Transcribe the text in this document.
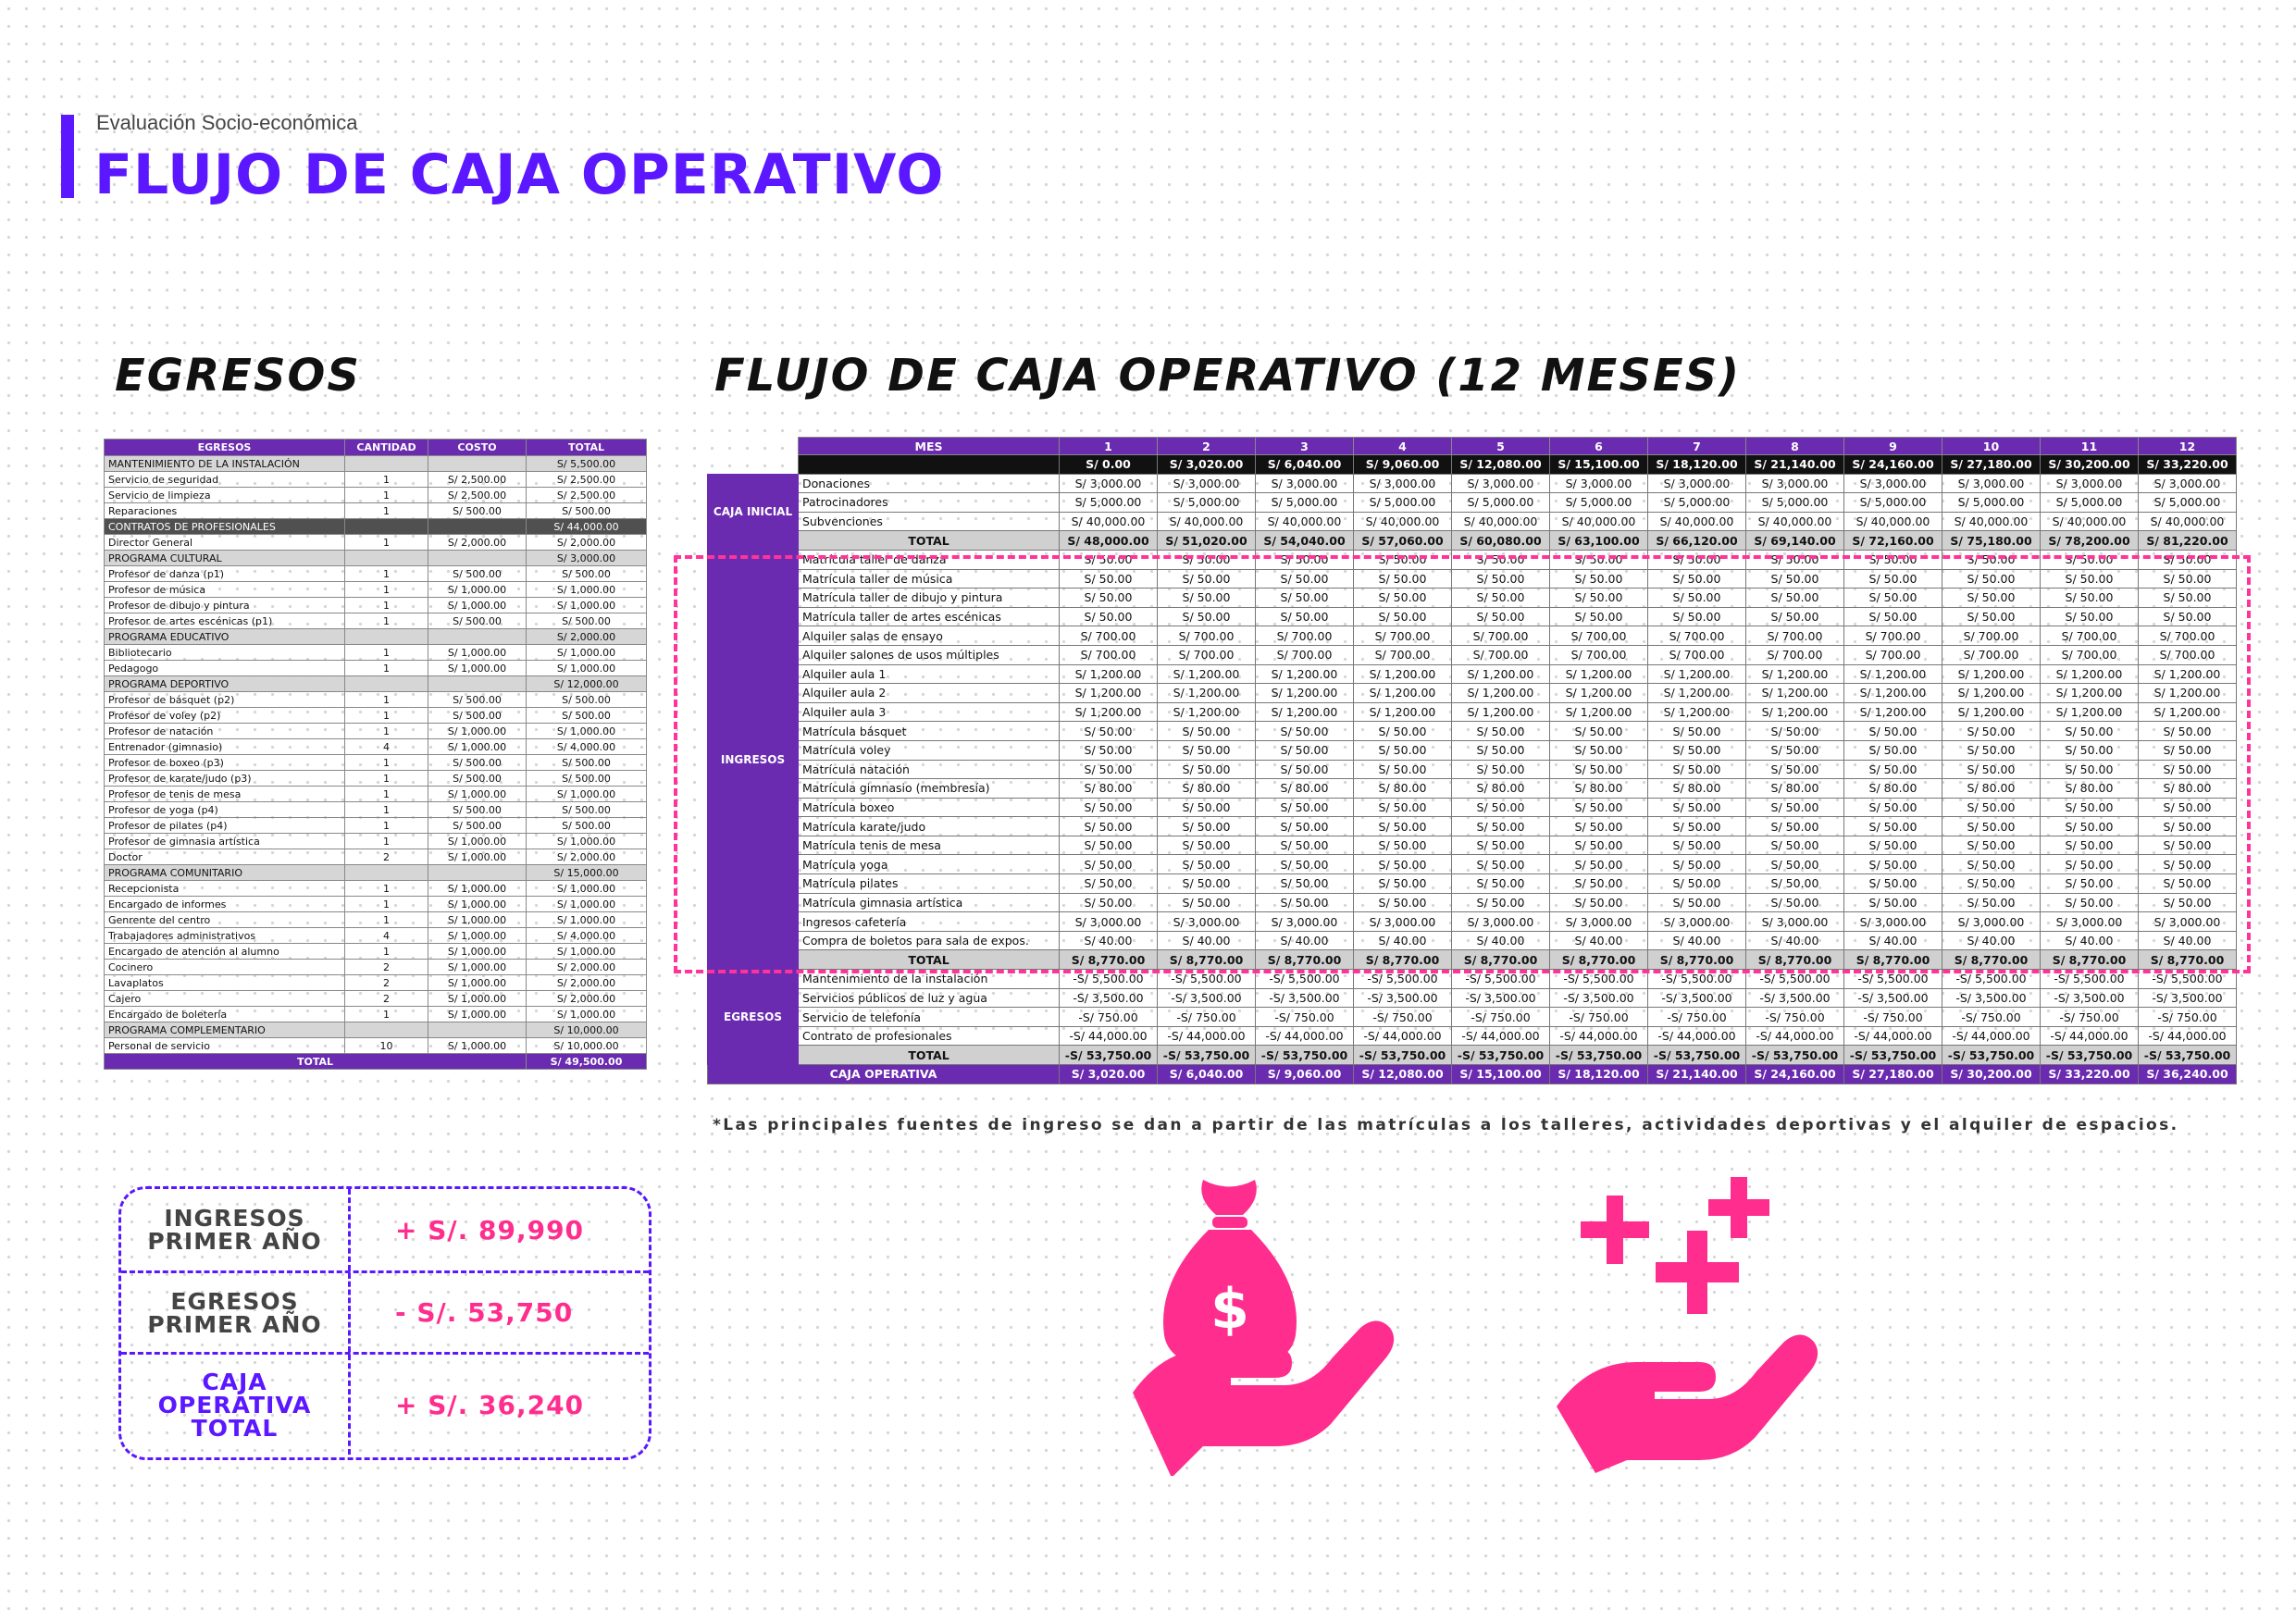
Evaluación Socio-económica
FLUJO DE CAJA OPERATIVO
EGRESOS	FLUJO DE CAJA OPERATIVO (12 MESES)
EGRESOS	CANTIDAD	COSTO	TOTAL
MANTENIMIENTO DE LA INSTALACIÓN			S/ 5,500.00
Servicio de seguridad	1	S/ 2,500.00	S/ 2,500.00
Servicio de limpieza	1	S/ 2,500.00	S/ 2,500.00
Reparaciones	1	S/ 500.00	S/ 500.00
CONTRATOS DE PROFESIONALES			S/ 44,000.00
Director General	1	S/ 2,000.00	S/ 2,000.00
PROGRAMA CULTURAL			S/ 3,000.00
Profesor de danza (p1)	1	S/ 500.00	S/ 500.00
Profesor de música	1	S/ 1,000.00	S/ 1,000.00
Profesor de dibujo y pintura	1	S/ 1,000.00	S/ 1,000.00
Profesor de artes escénicas (p1)	1	S/ 500.00	S/ 500.00
PROGRAMA EDUCATIVO			S/ 2,000.00
Bibliotecario	1	S/ 1,000.00	S/ 1,000.00
Pedagogo	1	S/ 1,000.00	S/ 1,000.00
PROGRAMA DEPORTIVO			S/ 12,000.00
Profesor de básquet (p2)	1	S/ 500.00	S/ 500.00
Profesor de voley (p2)	1	S/ 500.00	S/ 500.00
Profesor de natación	1	S/ 1,000.00	S/ 1,000.00
Entrenador (gimnasio)	4	S/ 1,000.00	S/ 4,000.00
Profesor de boxeo (p3)	1	S/ 500.00	S/ 500.00
Profesor de karate/judo (p3)	1	S/ 500.00	S/ 500.00
Profesor de tenis de mesa	1	S/ 1,000.00	S/ 1,000.00
Profesor de yoga (p4)	1	S/ 500.00	S/ 500.00
Profesor de pilates (p4)	1	S/ 500.00	S/ 500.00
Profesor de gimnasia artística	1	S/ 1,000.00	S/ 1,000.00
Doctor	2	S/ 1,000.00	S/ 2,000.00
PROGRAMA COMUNITARIO			S/ 15,000.00
Recepcionista	1	S/ 1,000.00	S/ 1,000.00
Encargado de informes	1	S/ 1,000.00	S/ 1,000.00
Genrente del centro	1	S/ 1,000.00	S/ 1,000.00
Trabajadores administrativos	4	S/ 1,000.00	S/ 4,000.00
Encargado de atención al alumno	1	S/ 1,000.00	S/ 1,000.00
Cocinero	2	S/ 1,000.00	S/ 2,000.00
Lavaplatos	2	S/ 1,000.00	S/ 2,000.00
Cajero	2	S/ 1,000.00	S/ 2,000.00
Encargado de boletería	1	S/ 1,000.00	S/ 1,000.00
PROGRAMA COMPLEMENTARIO			S/ 10,000.00
Personal de servicio	10	S/ 1,000.00	S/ 10,000.00
TOTAL			S/ 49,500.00
	MES	1	2	3	4	5	6	7	8	9	10	11	12
		S/ 0.00	S/ 3,020.00	S/ 6,040.00	S/ 9,060.00	S/ 12,080.00	S/ 15,100.00	S/ 18,120.00	S/ 21,140.00	S/ 24,160.00	S/ 27,180.00	S/ 30,200.00	S/ 33,220.00
CAJA INICIAL	Donaciones	S/ 3,000.00	S/ 3,000.00	S/ 3,000.00	S/ 3,000.00	S/ 3,000.00	S/ 3,000.00	S/ 3,000.00	S/ 3,000.00	S/ 3,000.00	S/ 3,000.00	S/ 3,000.00	S/ 3,000.00
	Patrocinadores	S/ 5,000.00	S/ 5,000.00	S/ 5,000.00	S/ 5,000.00	S/ 5,000.00	S/ 5,000.00	S/ 5,000.00	S/ 5,000.00	S/ 5,000.00	S/ 5,000.00	S/ 5,000.00	S/ 5,000.00
	Subvenciones	S/ 40,000.00	S/ 40,000.00	S/ 40,000.00	S/ 40,000.00	S/ 40,000.00	S/ 40,000.00	S/ 40,000.00	S/ 40,000.00	S/ 40,000.00	S/ 40,000.00	S/ 40,000.00	S/ 40,000.00
	TOTAL	S/ 48,000.00	S/ 51,020.00	S/ 54,040.00	S/ 57,060.00	S/ 60,080.00	S/ 63,100.00	S/ 66,120.00	S/ 69,140.00	S/ 72,160.00	S/ 75,180.00	S/ 78,200.00	S/ 81,220.00
INGRESOS	Matrícula taller de danza	S/ 50.00	S/ 50.00	S/ 50.00	S/ 50.00	S/ 50.00	S/ 50.00	S/ 50.00	S/ 50.00	S/ 50.00	S/ 50.00	S/ 50.00	S/ 50.00
	Matrícula taller de música	S/ 50.00	S/ 50.00	S/ 50.00	S/ 50.00	S/ 50.00	S/ 50.00	S/ 50.00	S/ 50.00	S/ 50.00	S/ 50.00	S/ 50.00	S/ 50.00
	Matrícula taller de dibujo y pintura	S/ 50.00	S/ 50.00	S/ 50.00	S/ 50.00	S/ 50.00	S/ 50.00	S/ 50.00	S/ 50.00	S/ 50.00	S/ 50.00	S/ 50.00	S/ 50.00
	Matrícula taller de artes escénicas	S/ 50.00	S/ 50.00	S/ 50.00	S/ 50.00	S/ 50.00	S/ 50.00	S/ 50.00	S/ 50.00	S/ 50.00	S/ 50.00	S/ 50.00	S/ 50.00
	Alquiler salas de ensayo	S/ 700.00	S/ 700.00	S/ 700.00	S/ 700.00	S/ 700.00	S/ 700.00	S/ 700.00	S/ 700.00	S/ 700.00	S/ 700.00	S/ 700.00	S/ 700.00
	Alquiler salones de usos múltiples	S/ 700.00	S/ 700.00	S/ 700.00	S/ 700.00	S/ 700.00	S/ 700.00	S/ 700.00	S/ 700.00	S/ 700.00	S/ 700.00	S/ 700.00	S/ 700.00
	Alquiler aula 1	S/ 1,200.00	S/ 1,200.00	S/ 1,200.00	S/ 1,200.00	S/ 1,200.00	S/ 1,200.00	S/ 1,200.00	S/ 1,200.00	S/ 1,200.00	S/ 1,200.00	S/ 1,200.00	S/ 1,200.00
	Alquiler aula 2	S/ 1,200.00	S/ 1,200.00	S/ 1,200.00	S/ 1,200.00	S/ 1,200.00	S/ 1,200.00	S/ 1,200.00	S/ 1,200.00	S/ 1,200.00	S/ 1,200.00	S/ 1,200.00	S/ 1,200.00
	Alquiler aula 3	S/ 1,200.00	S/ 1,200.00	S/ 1,200.00	S/ 1,200.00	S/ 1,200.00	S/ 1,200.00	S/ 1,200.00	S/ 1,200.00	S/ 1,200.00	S/ 1,200.00	S/ 1,200.00	S/ 1,200.00
	Matrícula básquet	S/ 50.00	S/ 50.00	S/ 50.00	S/ 50.00	S/ 50.00	S/ 50.00	S/ 50.00	S/ 50.00	S/ 50.00	S/ 50.00	S/ 50.00	S/ 50.00
	Matrícula voley	S/ 50.00	S/ 50.00	S/ 50.00	S/ 50.00	S/ 50.00	S/ 50.00	S/ 50.00	S/ 50.00	S/ 50.00	S/ 50.00	S/ 50.00	S/ 50.00
	Matrícula natación	S/ 50.00	S/ 50.00	S/ 50.00	S/ 50.00	S/ 50.00	S/ 50.00	S/ 50.00	S/ 50.00	S/ 50.00	S/ 50.00	S/ 50.00	S/ 50.00
	Matrícula gimnasio (membresía)	S/ 80.00	S/ 80.00	S/ 80.00	S/ 80.00	S/ 80.00	S/ 80.00	S/ 80.00	S/ 80.00	S/ 80.00	S/ 80.00	S/ 80.00	S/ 80.00
	Matrícula boxeo	S/ 50.00	S/ 50.00	S/ 50.00	S/ 50.00	S/ 50.00	S/ 50.00	S/ 50.00	S/ 50.00	S/ 50.00	S/ 50.00	S/ 50.00	S/ 50.00
	Matrícula karate/judo	S/ 50.00	S/ 50.00	S/ 50.00	S/ 50.00	S/ 50.00	S/ 50.00	S/ 50.00	S/ 50.00	S/ 50.00	S/ 50.00	S/ 50.00	S/ 50.00
	Matrícula tenis de mesa	S/ 50.00	S/ 50.00	S/ 50.00	S/ 50.00	S/ 50.00	S/ 50.00	S/ 50.00	S/ 50.00	S/ 50.00	S/ 50.00	S/ 50.00	S/ 50.00
	Matrícula yoga	S/ 50.00	S/ 50.00	S/ 50.00	S/ 50.00	S/ 50.00	S/ 50.00	S/ 50.00	S/ 50.00	S/ 50.00	S/ 50.00	S/ 50.00	S/ 50.00
	Matrícula pilates	S/ 50.00	S/ 50.00	S/ 50.00	S/ 50.00	S/ 50.00	S/ 50.00	S/ 50.00	S/ 50.00	S/ 50.00	S/ 50.00	S/ 50.00	S/ 50.00
	Matrícula gimnasia artística	S/ 50.00	S/ 50.00	S/ 50.00	S/ 50.00	S/ 50.00	S/ 50.00	S/ 50.00	S/ 50.00	S/ 50.00	S/ 50.00	S/ 50.00	S/ 50.00
	Ingresos cafetería	S/ 3,000.00	S/ 3,000.00	S/ 3,000.00	S/ 3,000.00	S/ 3,000.00	S/ 3,000.00	S/ 3,000.00	S/ 3,000.00	S/ 3,000.00	S/ 3,000.00	S/ 3,000.00	S/ 3,000.00
	Compra de boletos para sala de expos.	S/ 40.00	S/ 40.00	S/ 40.00	S/ 40.00	S/ 40.00	S/ 40.00	S/ 40.00	S/ 40.00	S/ 40.00	S/ 40.00	S/ 40.00	S/ 40.00
	TOTAL	S/ 8,770.00	S/ 8,770.00	S/ 8,770.00	S/ 8,770.00	S/ 8,770.00	S/ 8,770.00	S/ 8,770.00	S/ 8,770.00	S/ 8,770.00	S/ 8,770.00	S/ 8,770.00	S/ 8,770.00
EGRESOS	Mantenimiento de la instalación	-S/ 5,500.00	-S/ 5,500.00	-S/ 5,500.00	-S/ 5,500.00	-S/ 5,500.00	-S/ 5,500.00	-S/ 5,500.00	-S/ 5,500.00	-S/ 5,500.00	-S/ 5,500.00	-S/ 5,500.00	-S/ 5,500.00
	Servicios públicos de luz y agua	-S/ 3,500.00	-S/ 3,500.00	-S/ 3,500.00	-S/ 3,500.00	-S/ 3,500.00	-S/ 3,500.00	-S/ 3,500.00	-S/ 3,500.00	-S/ 3,500.00	-S/ 3,500.00	-S/ 3,500.00	-S/ 3,500.00
	Servicio de telefonía	-S/ 750.00	-S/ 750.00	-S/ 750.00	-S/ 750.00	-S/ 750.00	-S/ 750.00	-S/ 750.00	-S/ 750.00	-S/ 750.00	-S/ 750.00	-S/ 750.00	-S/ 750.00
	Contrato de profesionales	-S/ 44,000.00	-S/ 44,000.00	-S/ 44,000.00	-S/ 44,000.00	-S/ 44,000.00	-S/ 44,000.00	-S/ 44,000.00	-S/ 44,000.00	-S/ 44,000.00	-S/ 44,000.00	-S/ 44,000.00	-S/ 44,000.00
	TOTAL	-S/ 53,750.00	-S/ 53,750.00	-S/ 53,750.00	-S/ 53,750.00	-S/ 53,750.00	-S/ 53,750.00	-S/ 53,750.00	-S/ 53,750.00	-S/ 53,750.00	-S/ 53,750.00	-S/ 53,750.00	-S/ 53,750.00
CAJA OPERATIVA		S/ 3,020.00	S/ 6,040.00	S/ 9,060.00	S/ 12,080.00	S/ 15,100.00	S/ 18,120.00	S/ 21,140.00	S/ 24,160.00	S/ 27,180.00	S/ 30,200.00	S/ 33,220.00	S/ 36,240.00
*Las principales fuentes de ingreso se dan a partir de las matrículas a los talleres, actividades deportivas y el alquiler de espacios.
INGRESOS
PRIMER AÑO	+ S/. 89,990
EGRESOS
PRIMER AÑO	- S/. 53,750
CAJA
OPERATIVA
TOTAL
+ S/. 36,240
$
